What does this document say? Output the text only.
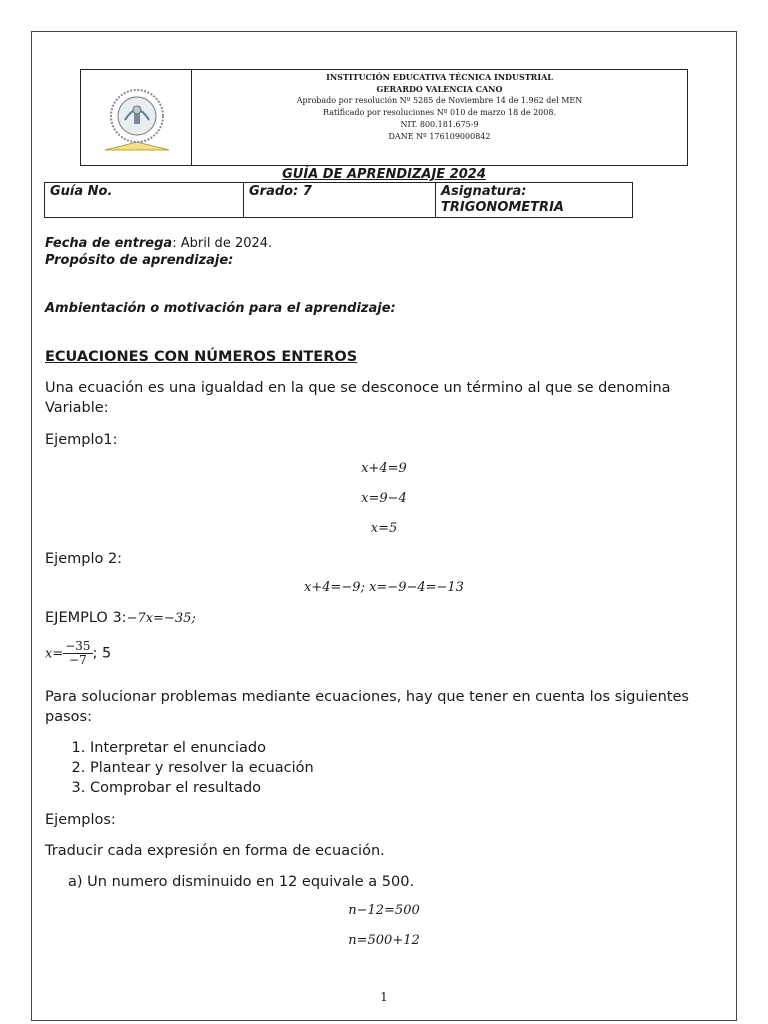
INSTITUCIÓN EDUCATIVA TÉCNICA INDUSTRIAL
GERARDO VALENCIA CANO
Aprobado por resolución Nº 5285 de Noviembre 14 de 1.962 del MEN
Ratificado por resoluciones Nº 010 de marzo 18 de 2008.
NIT. 800.181.675-9
DANE Nº 176109000842
GUÍA DE APRENDIZAJE 2024
Guía No.	Grado: 7	Asignatura:
TRIGONOMETRIA
Fecha de entrega: Abril de 2024.
Propósito de aprendizaje:
Ambientación o motivación para el aprendizaje:
ECUACIONES CON NÚMEROS ENTEROS
Una ecuación es una igualdad en la que se desconoce un término al que se denomina
Variable:
Ejemplo1:
x+4=9
x=9−4
x=5
Ejemplo 2:
x+4=−9; x=−9−4=−13
EJEMPLO 3:−7x=−35;
$x= \frac{-35}{-7}$ ; 5
Para solucionar problemas mediante ecuaciones, hay que tener en cuenta los siguientes
pasos:
1. Interpretar el enunciado
2. Plantear y resolver la ecuación
3. Comprobar el resultado
Ejemplos:
Traducir cada expresión en forma de ecuación.
a) Un numero disminuido en 12 equivale a 500.
n−12=500
n=500+12
1
